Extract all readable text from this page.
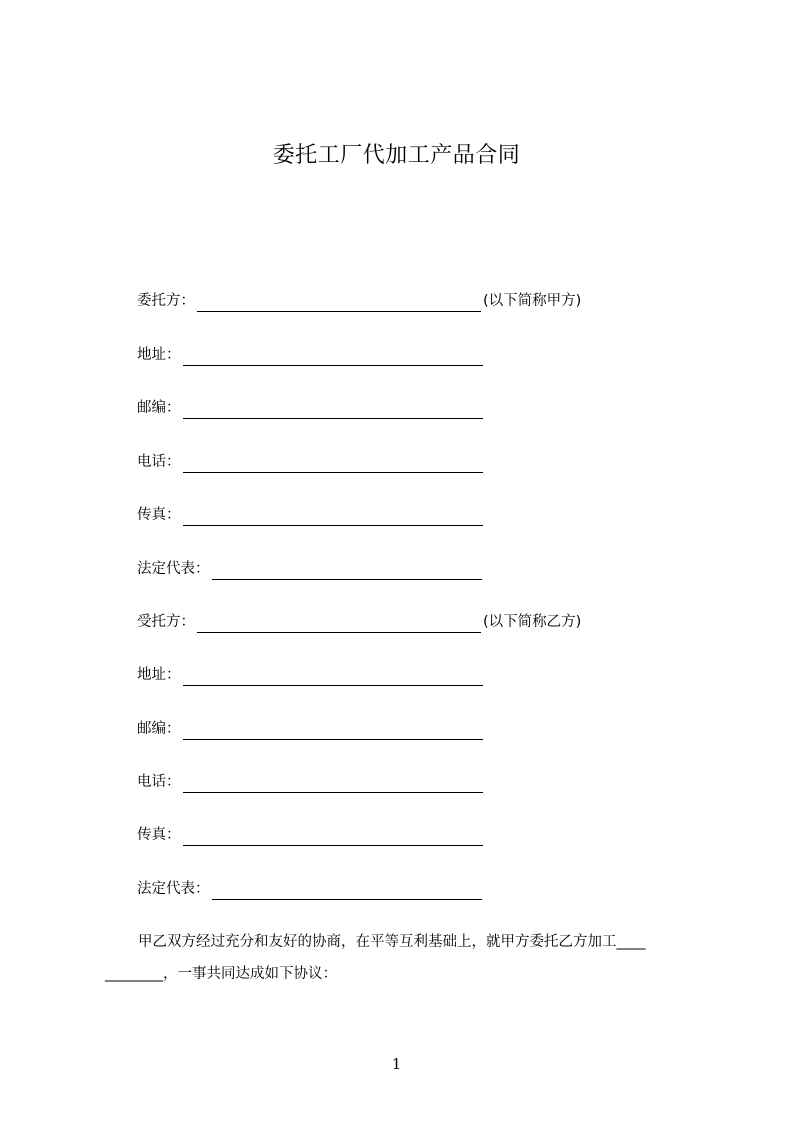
委托工厂代加工产品合同
委托方：	(以下简称甲方)
地址：
邮编：
电话：
传真：
法定代表：
受托方：	(以下简称乙方)
地址：
邮编：
电话：
传真：
法定代表：
甲乙双方经过充分和友好的协商，在平等互利基础上，就甲方委托乙方加工____
________，一事共同达成如下协议：
1
